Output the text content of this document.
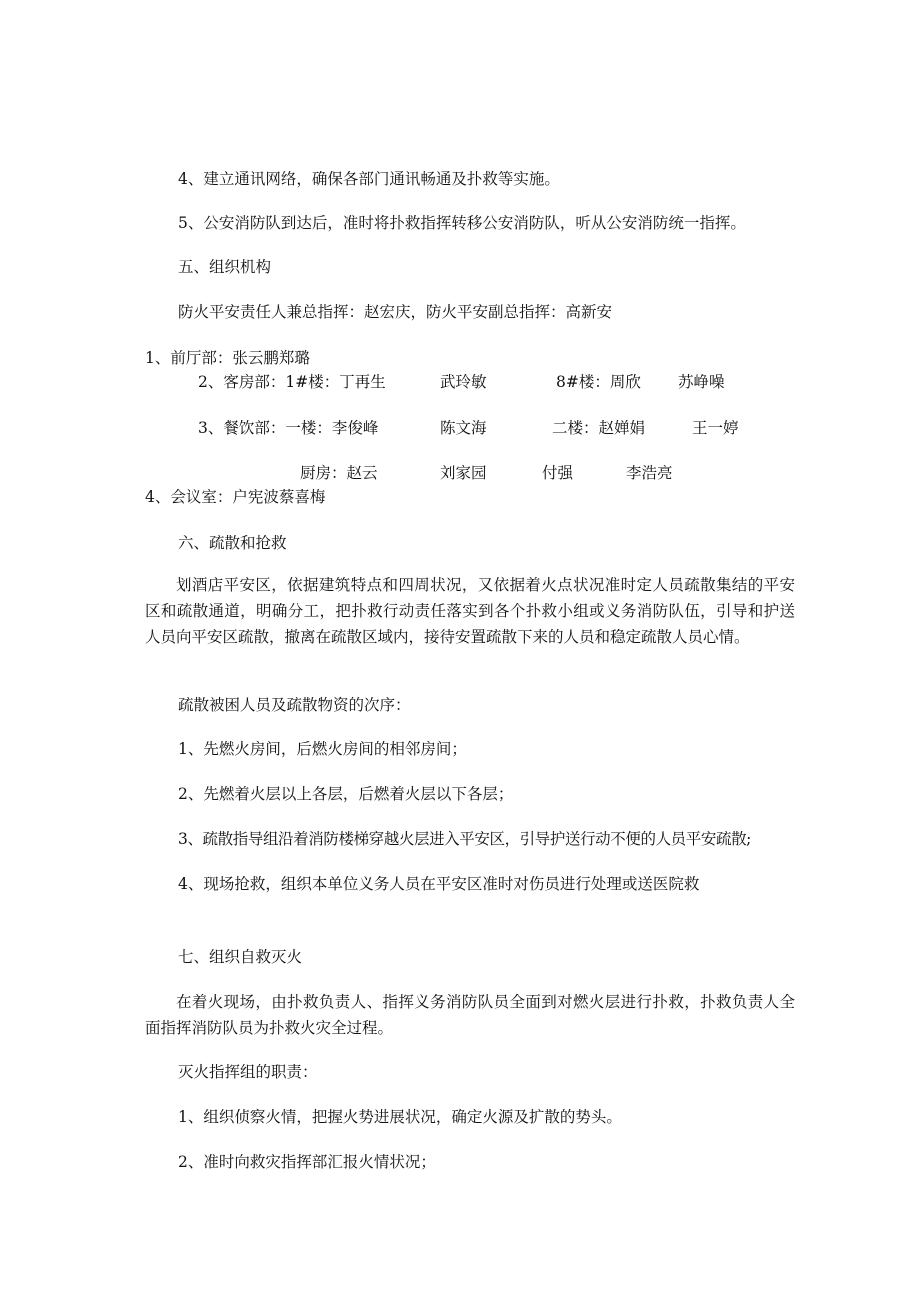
4、建立通讯网络，确保各部门通讯畅通及扑救等实施。

5、公安消防队到达后，准时将扑救指挥转移公安消防队，听从公安消防统一指挥。

五、组织机构

防火平安责任人兼总指挥：赵宏庆，防火平安副总指挥：高新安

1、前厅部：张云鹏郑璐

2、客房部：1#楼：丁再生	武玲敏	8#楼：周欣 苏峥噪
3、餐饮部：一楼：李俊峰	陈文海	二楼：赵婵娟	王一婷
厨房：赵云	刘家园	付强	李浩亮

4、会议室：户宪波蔡喜梅

六、疏散和抢救

划酒店平安区，依据建筑特点和四周状况，又依据着火点状况准时定人员疏散集结的平安区和疏散通道，明确分工，把扑救行动责任落实到各个扑救小组或义务消防队伍，引导和护送人员向平安区疏散，撤离在疏散区域内，接待安置疏散下来的人员和稳定疏散人员心情。

疏散被困人员及疏散物资的次序：

1、先燃火房间，后燃火房间的相邻房间；

2、先燃着火层以上各层，后燃着火层以下各层；

3、疏散指导组沿着消防楼梯穿越火层进入平安区，引导护送行动不便的人员平安疏散;

4、现场抢救，组织本单位义务人员在平安区准时对伤员进行处理或送医院救

七、组织自救灭火

在着火现场，由扑救负责人、指挥义务消防队员全面到对燃火层进行扑救，扑救负责人全面指挥消防队员为扑救火灾全过程。

灭火指挥组的职责：

1、组织侦察火情，把握火势进展状况，确定火源及扩散的势头。

2、准时向救灾指挥部汇报火情状况；
